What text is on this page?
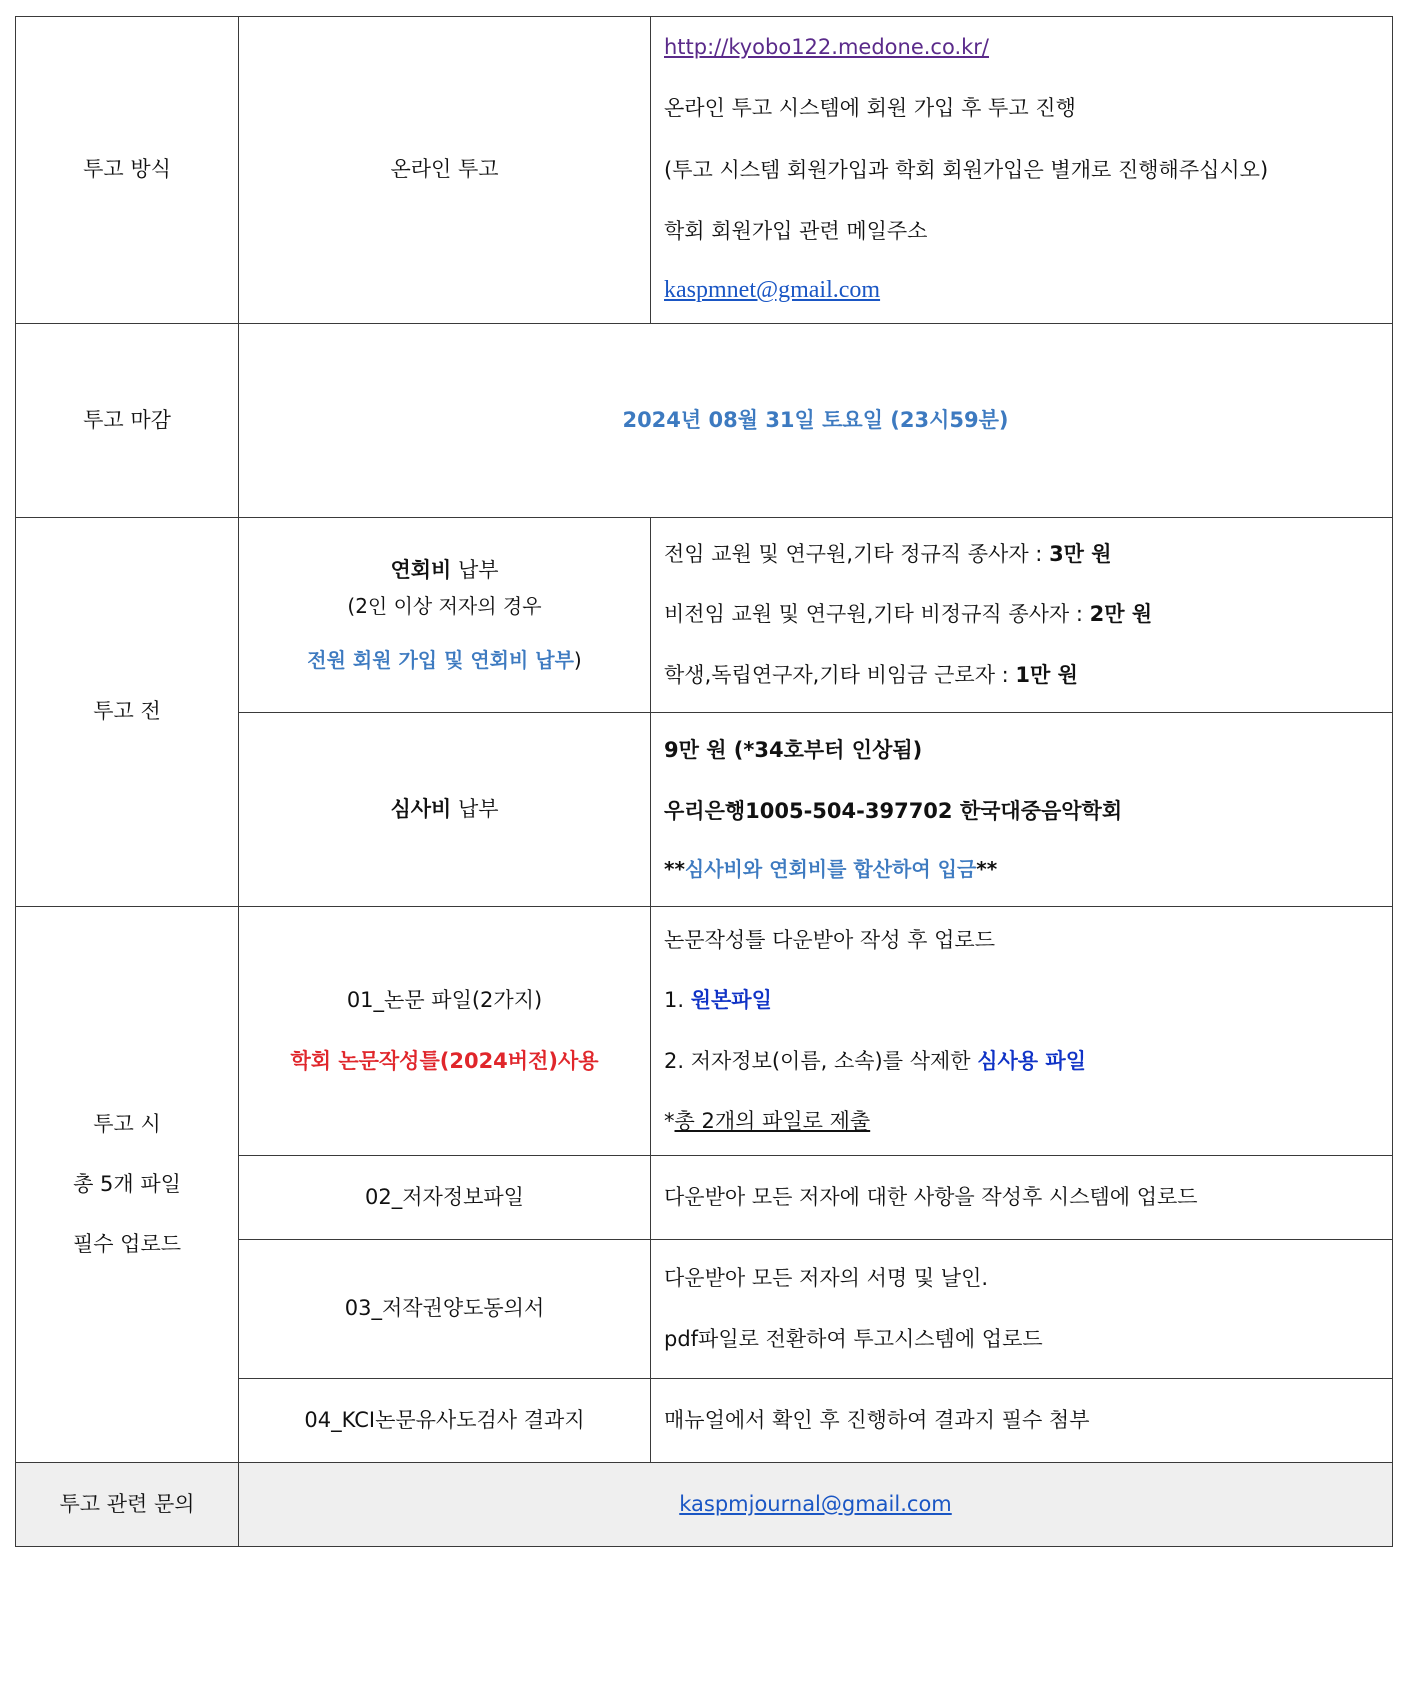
투고 방식	온라인 투고	http://kyobo122.medone.co.kr/
온라인 투고 시스템에 회원 가입 후 투고 진행
(투고 시스템 회원가입과 학회 회원가입은 별개로 진행해주십시오)
학회 회원가입 관련 메일주소
kaspmnet@gmail.com

투고 마감	2024년 08월 31일 토요일 (23시59분)	
투고 전	연회비 납부
(2인 이상 저자의 경우
전원 회원 가입 및 연회비 납부)	전임 교원 및 연구원,기타 정규직 종사자 : 3만 원
비전임 교원 및 연구원,기타 비정규직 종사자 : 2만 원
학생,독립연구자,기타 비임금 근로자 : 1만 원

	심사비 납부	9만 원 (*34호부터 인상됨)
우리은행1005-504-397702 한국대중음악학회
**심사비와 연회비를 합산하여 입금**

투고 시
총 5개 파일
필수 업로드	01_논문 파일(2가지)
학회 논문작성틀(2024버전)사용	논문작성틀 다운받아 작성 후 업로드
1. 원본파일
2. 저자정보(이름, 소속)를 삭제한 심사용 파일
*총 2개의 파일로 제출

	02_저자정보파일	다운받아 모든 저자에 대한 사항을 작성후 시스템에 업로드
	03_저작권양도동의서	다운받아 모든 저자의 서명 및 날인.
pdf파일로 전환하여 투고시스템에 업로드

	04_KCI논문유사도검사 결과지	매뉴얼에서 확인 후 진행하여 결과지 필수 첨부
투고 관련 문의	kaspmjournal@gmail.com	
